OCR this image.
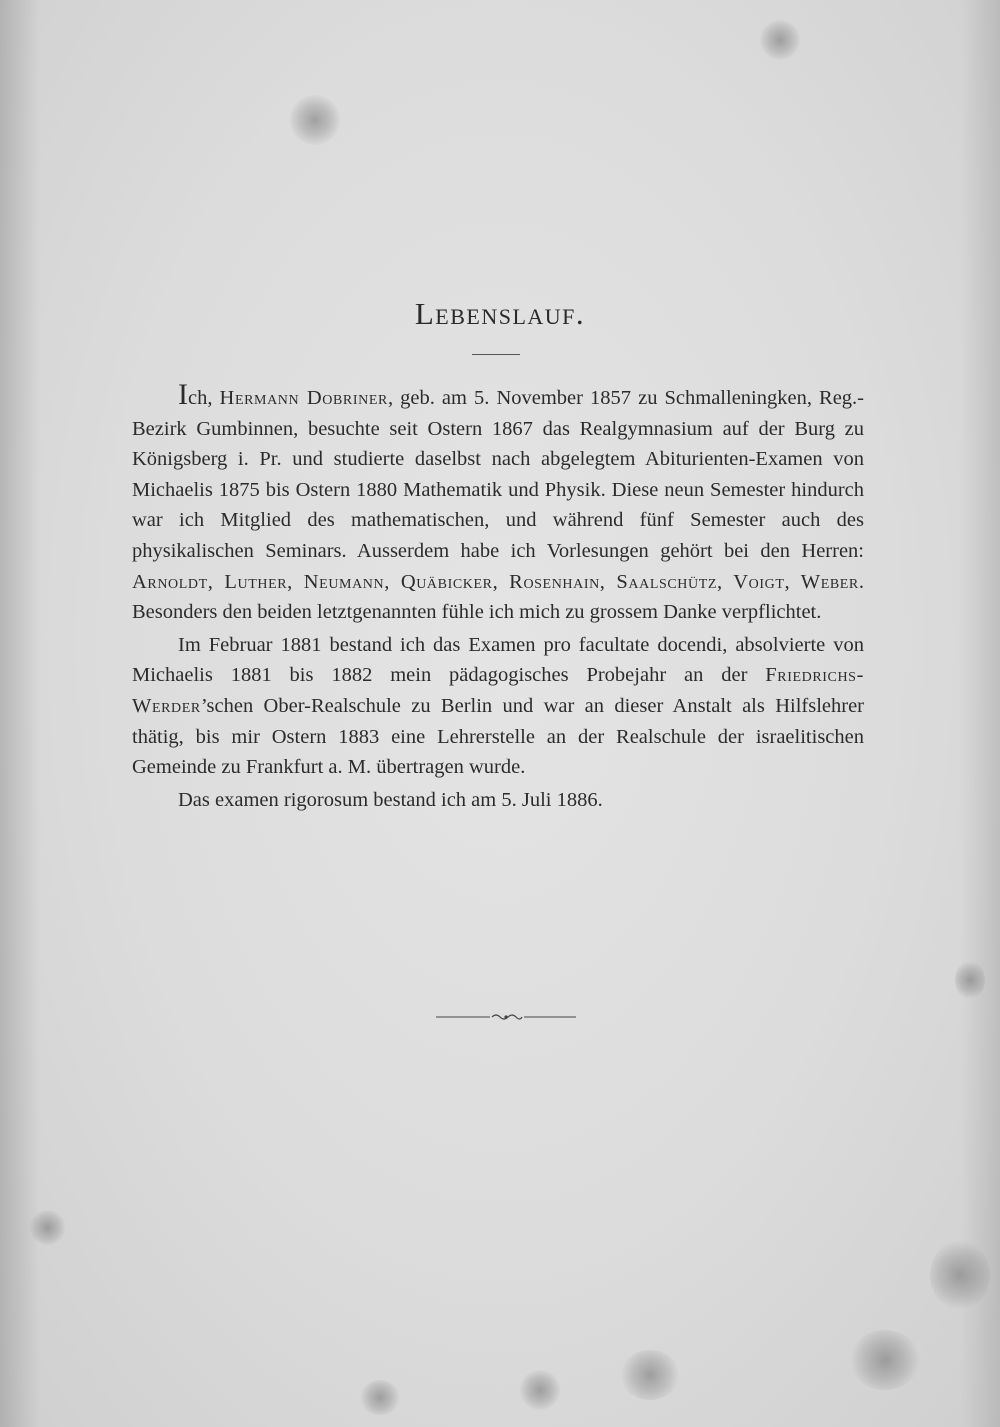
Lebenslauf.

Ich, Hermann Dobriner, geb. am 5. November 1857 zu Schmalleningken, Reg.-Bezirk Gumbinnen, besuchte seit Ostern 1867 das Realgymnasium auf der Burg zu Königsberg i. Pr. und studierte daselbst nach abgelegtem Abiturienten-Examen von Michaelis 1875 bis Ostern 1880 Mathematik und Physik. Diese neun Semester hindurch war ich Mitglied des mathematischen, und während fünf Semester auch des physikalischen Seminars. Ausserdem habe ich Vorlesungen gehört bei den Herren: Arnoldt, Luther, Neumann, Quäbicker, Rosenhain, Saalschütz, Voigt, Weber. Besonders den beiden letztgenannten fühle ich mich zu grossem Danke verpflichtet.

Im Februar 1881 bestand ich das Examen pro facultate docendi, absolvierte von Michaelis 1881 bis 1882 mein pädagogisches Probejahr an der Friedrichs-Werder’schen Ober-Realschule zu Berlin und war an dieser Anstalt als Hilfslehrer thätig, bis mir Ostern 1883 eine Lehrerstelle an der Realschule der israelitischen Gemeinde zu Frankfurt a. M. übertragen wurde.

Das examen rigorosum bestand ich am 5. Juli 1886.
